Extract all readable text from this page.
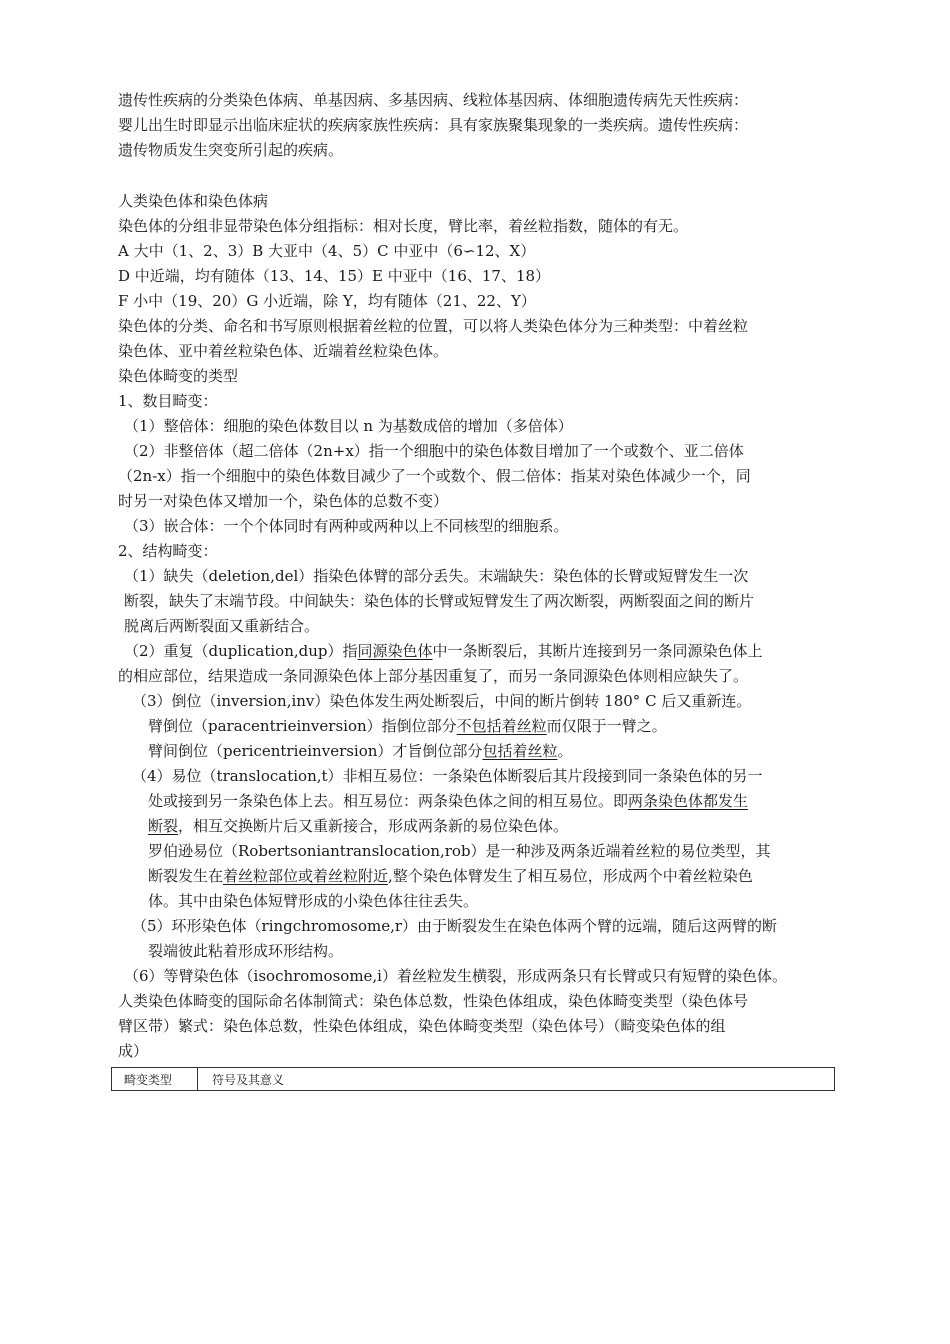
遗传性疾病的分类染色体病、单基因病、多基因病、线粒体基因病、体细胞遗传病先天性疾病：
婴儿出生时即显示出临床症状的疾病家族性疾病：具有家族聚集现象的一类疾病。遗传性疾病：
遗传物质发生突变所引起的疾病。
人类染色体和染色体病
染色体的分组非显带染色体分组指标：相对长度，臂比率，着丝粒指数，随体的有无。
A 大中（1、2、3）B 大亚中（4、5）C 中亚中（6∽12、X）
D 中近端，均有随体（13、14、15）E 中亚中（16、17、18）
F 小中（19、20）G 小近端，除 Y，均有随体（21、22、Y）
染色体的分类、命名和书写原则根据着丝粒的位置，可以将人类染色体分为三种类型：中着丝粒
染色体、亚中着丝粒染色体、近端着丝粒染色体。
染色体畸变的类型
1、数目畸变：
（1）整倍体：细胞的染色体数目以 n 为基数成倍的增加（多倍体）
（2）非整倍体（超二倍体（2n+x）指一个细胞中的染色体数目增加了一个或数个、亚二倍体
（2n-x）指一个细胞中的染色体数目减少了一个或数个、假二倍体：指某对染色体减少一个，同
时另一对染色体又增加一个，染色体的总数不变）
（3）嵌合体：一个个体同时有两种或两种以上不同核型的细胞系。
2、结构畸变：
（1）缺失（deletion,del）指染色体臂的部分丢失。末端缺失：染色体的长臂或短臂发生一次
断裂，缺失了末端节段。中间缺失：染色体的长臂或短臂发生了两次断裂，两断裂面之间的断片
脱离后两断裂面又重新结合。
（2）重复（duplication,dup）指同源染色体中一条断裂后，其断片连接到另一条同源染色体上
的相应部位，结果造成一条同源染色体上部分基因重复了，而另一条同源染色体则相应缺失了。
（3）倒位（inversion,inv）染色体发生两处断裂后，中间的断片倒转 180° C 后又重新连。
臂倒位（paracentrieinversion）指倒位部分不包括着丝粒而仅限于一臂之。
臂间倒位（pericentrieinversion）才旨倒位部分包括着丝粒。
（4）易位（translocation,t）非相互易位：一条染色体断裂后其片段接到同一条染色体的另一
处或接到另一条染色体上去。相互易位：两条染色体之间的相互易位。即两条染色体都发生
断裂，相互交换断片后又重新接合，形成两条新的易位染色体。
罗伯逊易位（Robertsoniantranslocation,rob）是一种涉及两条近端着丝粒的易位类型，其
断裂发生在着丝粒部位或着丝粒附近,整个染色体臂发生了相互易位，形成两个中着丝粒染色
体。其中由染色体短臂形成的小染色体往往丢失。
（5）环形染色体（ringchromosome,r）由于断裂发生在染色体两个臂的远端，随后这两臂的断
裂端彼此粘着形成环形结构。
（6）等臂染色体（isochromosome,i）着丝粒发生横裂，形成两条只有长臂或只有短臂的染色体。
人类染色体畸变的国际命名体制简式：染色体总数，性染色体组成，染色体畸变类型（染色体号
臂区带）繁式：染色体总数，性染色体组成，染色体畸变类型（染色体号）（畸变染色体的组
成）
畸变类型	符号及其意义
